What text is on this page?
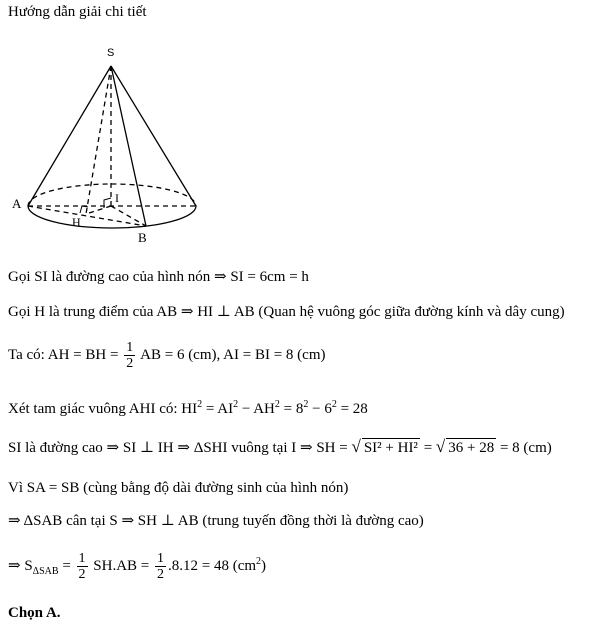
Hướng dẫn giải chi tiết
S
A	I
H
B
Gọi SI là đường cao của hình nón ⇒ SI = 6cm = h
Gọi H là trung điểm của AB ⇒ HI ⊥ AB (Quan hệ vuông góc giữa đường kính và dây cung)
Ta có: AH = BH = $\frac{1}{2}$ AB = 6 (cm), AI = BI = 8 (cm)
Xét tam giác vuông AHI có: $HI^2 = AI^2 - AH^2 = 8^2 - 6^2 = 28$
SI là đường cao ⇒ SI ⊥ IH ⇒ ΔSHI vuông tại I ⇒ SH = √ SI² + HI² = √ 36 + 28 = 8 (cm)
Vì SA = SB (cùng bằng độ dài đường sinh của hình nón)
⇒ ΔSAB cân tại S ⇒ SH ⊥ AB (trung tuyến đồng thời là đường cao)
⇒ $S_{\Delta SAB} = \frac{1}{2} SH.AB = \frac{1}{2} .8.12 = 48$ $(cm^2)$
Chọn A.
